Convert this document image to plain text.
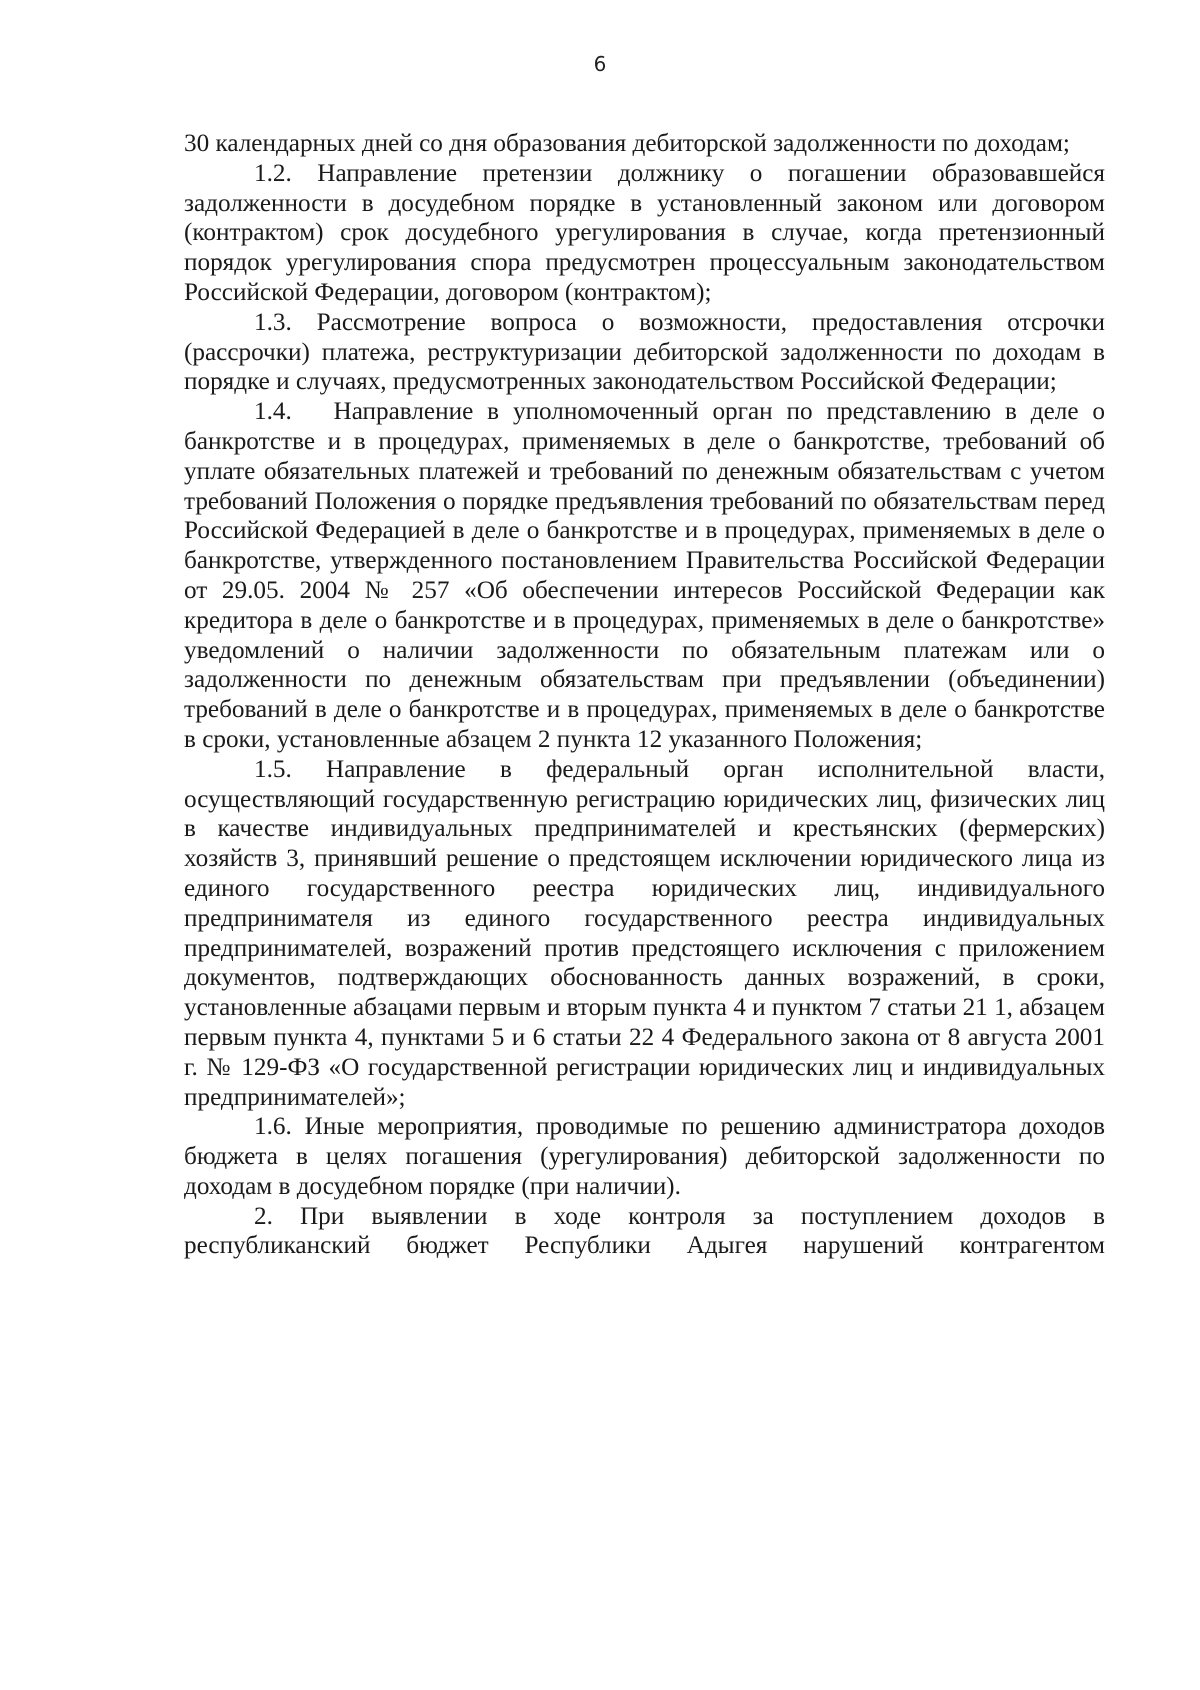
6

30 календарных дней со дня образования дебиторской задолженности по доходам;

1.2. Направление претензии должнику о погашении образовавшейся задолженности в досудебном порядке в установленный законом или договором (контрактом) срок досудебного урегулирования в случае, когда претензионный порядок урегулирования спора предусмотрен процессуальным законодательством Российской Федерации, договором (контрактом);

1.3. Рассмотрение вопроса о возможности, предоставления отсрочки (рассрочки) платежа, реструктуризации дебиторской задолженности по доходам в порядке и случаях, предусмотренных законодательством Российской Федерации;

1.4.   Направление в уполномоченный орган по представлению в деле о банкротстве и в процедурах, применяемых в деле о банкротстве, требований об уплате обязательных платежей и требований по денежным обязательствам с учетом требований Положения о порядке предъявления требований по обязательствам перед Российской Федерацией в деле о банкротстве и в процедурах, применяемых в деле о банкротстве, утвержденного постановлением Правительства Российской Федерации от 29.05. 2004 № 257 «Об обеспечении интересов Российской Федерации как кредитора в деле о банкротстве и в процедурах, применяемых в деле о банкротстве» уведомлений о наличии задолженности по обязательным платежам или о задолженности по денежным обязательствам при предъявлении (объединении) требований в деле о банкротстве и в процедурах, применяемых в деле о банкротстве в сроки, установленные абзацем 2 пункта 12 указанного Положения;

1.5. Направление в федеральный орган исполнительной власти, осуществляющий государственную регистрацию юридических лиц, физических лиц в качестве индивидуальных предпринимателей и крестьянских (фермерских) хозяйств 3, принявший решение о предстоящем исключении юридического лица из единого государственного реестра юридических лиц, индивидуального предпринимателя из единого государственного реестра индивидуальных предпринимателей, возражений против предстоящего исключения с приложением документов, подтверждающих обоснованность данных возражений, в сроки, установленные абзацами первым и вторым пункта 4 и пунктом 7 статьи 21 1, абзацем первым пункта 4, пунктами 5 и 6 статьи 22 4 Федерального закона от 8 августа 2001 г. № 129-ФЗ «О государственной регистрации юридических лиц и индивидуальных предпринимателей»;

1.6. Иные мероприятия, проводимые по решению администратора доходов бюджета в целях погашения (урегулирования) дебиторской задолженности по доходам в досудебном порядке (при наличии).

2. При выявлении в ходе контроля за поступлением доходов в республиканский бюджет Республики Адыгея нарушений контрагентом
